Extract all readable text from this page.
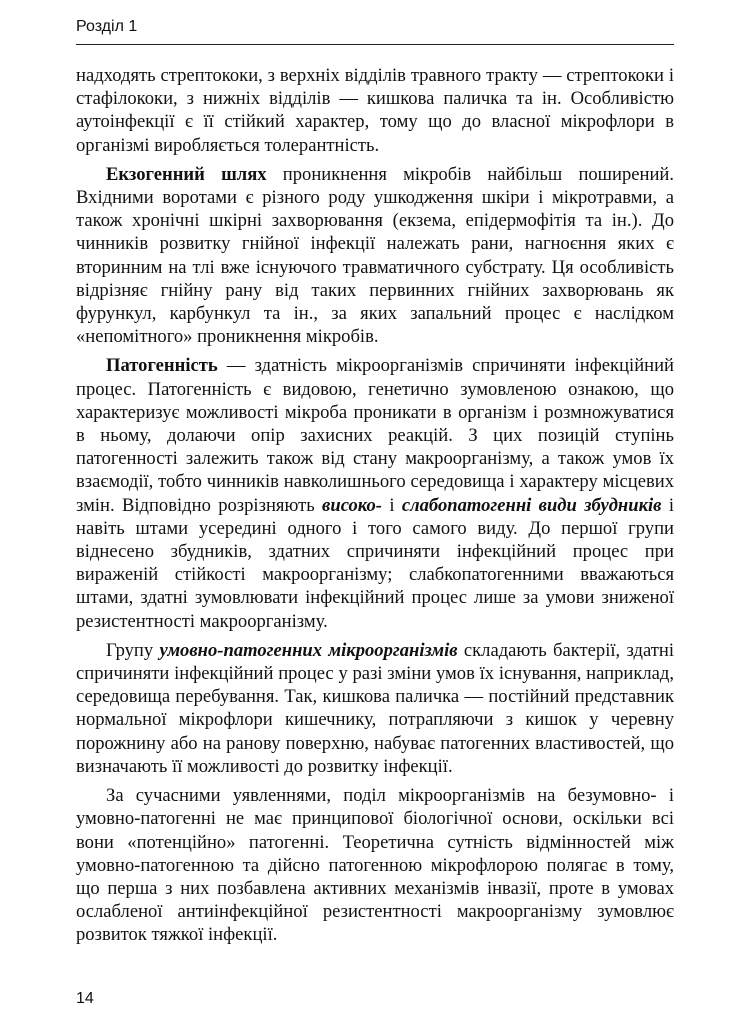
Розділ 1

надходять стрептококи, з верхніх відділів травного тракту — стрептококи і стафілококи, з нижніх відділів — кишкова паличка та ін. Особливістю аутоінфекції є її стійкий характер, тому що до власної мікрофлори в організмі виробляється толерантність.

Екзогенний шлях проникнення мікробів найбільш поширений. Вхідними воротами є різного роду ушкодження шкіри і мікротравми, а також хронічні шкірні захворювання (екзема, епідермофітія та ін.). До чинників розвитку гнійної інфекції належать рани, нагноєння яких є вторинним на тлі вже існуючого травматичного субстрату. Ця особливість відрізняє гнійну рану від таких первинних гнійних захворювань як фурункул, карбункул та ін., за яких запальний процес є наслідком «непомітного» проникнення мікробів.

Патогенність — здатність мікроорганізмів спричиняти інфекційний процес. Патогенність є видовою, генетично зумовленою ознакою, що характеризує можливості мікроба проникати в організм і розмножуватися в ньому, долаючи опір захисних реакцій. З цих позицій ступінь патогенності залежить також від стану макроорганізму, а також умов їх взаємодії, тобто чинників навколишнього середовища і характеру місцевих змін. Відповідно розрізняють високо- і слабопатогенні види збудників і навіть штами усередині одного і того самого виду. До першої групи віднесено збудників, здатних спричиняти інфекційний процес при вираженій стійкості макроорганізму; слабкопатогенними вважаються штами, здатні зумовлювати інфекційний процес лише за умови зниженої резистентності макроорганізму.

Групу умовно-патогенних мікроорганізмів складають бактерії, здатні спричиняти інфекційний процес у разі зміни умов їх існування, наприклад, середовища перебування. Так, кишкова паличка — постійний представник нормальної мікрофлори кишечнику, потрапляючи з кишок у черевну порожнину або на ранову поверхню, набуває патогенних властивостей, що визначають її можливості до розвитку інфекції.

За сучасними уявленнями, поділ мікроорганізмів на безумовно- і умовно-патогенні не має принципової біологічної основи, оскільки всі вони «потенційно» патогенні. Теоретична сутність відмінностей між умовно-патогенною та дійсно патогенною мікрофлорою полягає в тому, що перша з них позбавлена активних механізмів інвазії, проте в умовах ослабленої антиінфекційної резистентності макроорганізму зумовлює розвиток тяжкої інфекції.

14
